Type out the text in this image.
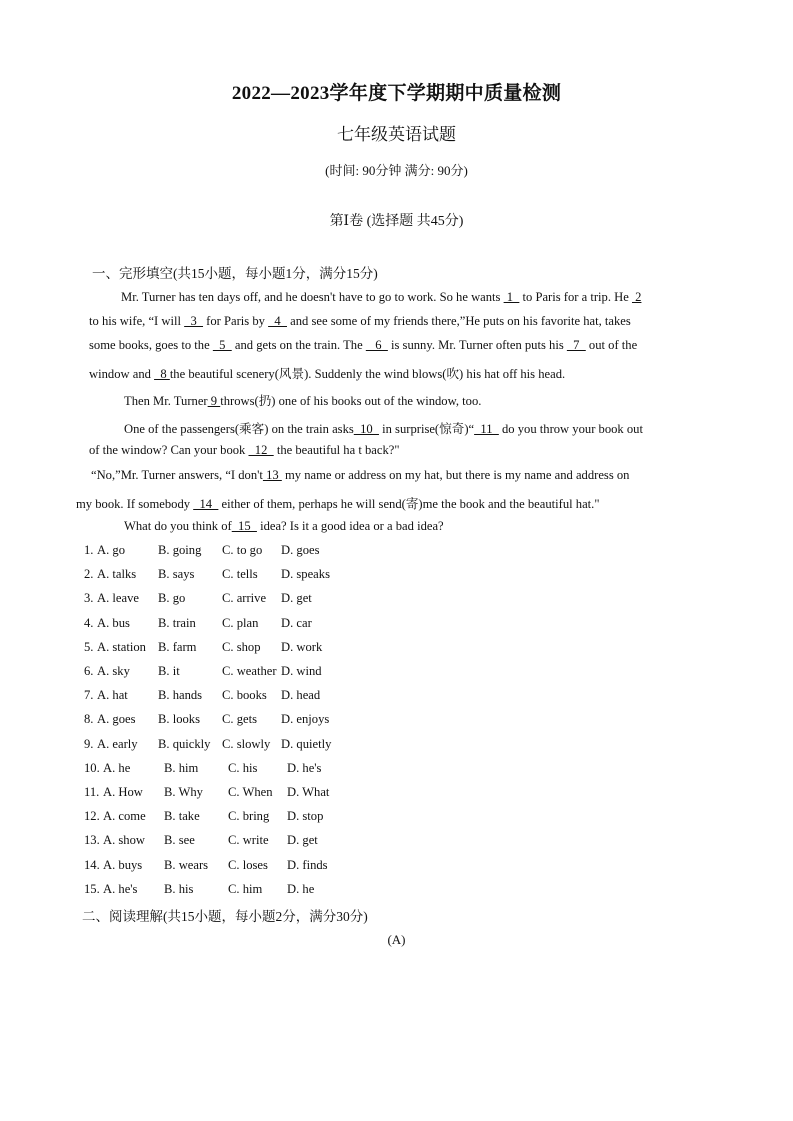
2022—2023学年度下学期期中质量检测
七年级英语试题
(时间: 90分钟 满分: 90分)
第Ⅰ卷 (选择题 共45分)
一、完形填空(共15小题，每小题1分，满分15分)
Mr. Turner has ten days off, and he doesn't have to go to work. So he wants  1   to Paris for a trip. He  2
to his wife, “I will   3   for Paris by   4   and see some of my friends there,”He puts on his favorite hat, takes
some books, goes to the   5   and gets on the train. The    6   is sunny. Mr. Turner often puts his   7   out of the
window and   8 the beautiful scenery(风景). Suddenly the wind blows(吹) his hat off his head.
Then Mr. Turner 9 throws(扔) one of his books out of the window, too.
One of the passengers(乘客) on the train asks  10   in surprise(惊奇)“  11   do you throw your book out
of the window? Can your book   12   the beautiful ha t back?"
“No,”Mr. Turner answers, “I don't 13  my name or address on my hat, but there is my name and address on
my book. If somebody   14   either of them, perhaps he will send(寄)me the book and the beautiful hat."
What do you think of  15   idea? Is it a good idea or a bad idea?
1. A. go	B. going C. to go D. goes
2. A. talks B. says C. tells D. speaks
3. A. leave B. go	C. arrive D. get
4. A. bus B. train C. plan D. car
5. A. station B. farm C. shop D. work
6. A. sky B. it	C. weather D. wind
7. A. hat B. hands C. books D. head
8. A. goes B. looks C. gets D. enjoys
9. A. early B. quickly C. slowly D. quietly
10. A. he	B. him C. his D. he's
11. A. How B. Why C. When D. What
12. A. come B. take C. bring D. stop
13. A. show B. see	C. write D. get
14. A. buys B. wears C. loses D. finds
15. A. he's B. his	C. him D. he
二、阅读理解(共15小题，每小题2分，满分30分)
(A)
